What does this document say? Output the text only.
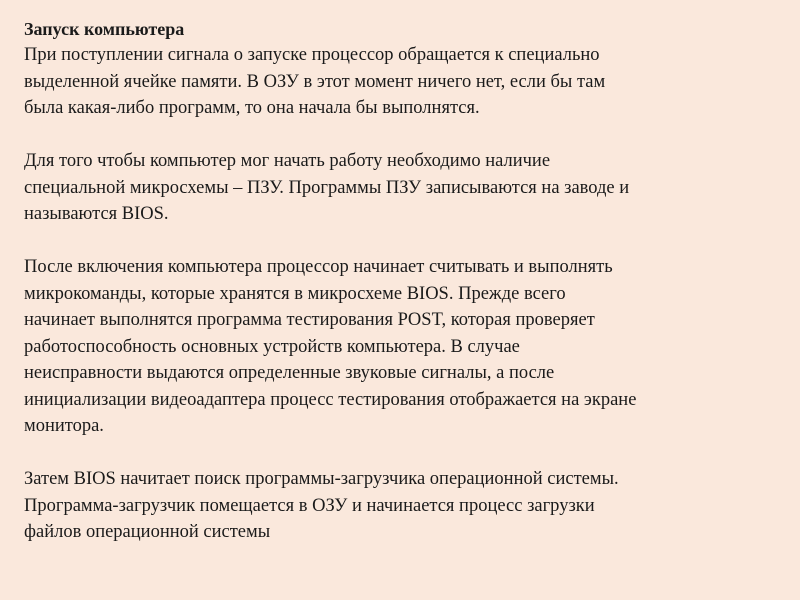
Запуск компьютера

При поступлении сигнала о запуске процессор обращается к специально
выделенной ячейке памяти. В ОЗУ в этот момент ничего нет, если бы там
была какая-либо программ, то она начала бы выполнятся.

Для того чтобы компьютер мог начать работу необходимо наличие
специальной микросхемы – ПЗУ. Программы ПЗУ записываются на заводе и
называются BIOS.

После включения компьютера процессор начинает считывать и выполнять
микрокоманды, которые хранятся в микросхеме BIOS. Прежде всего
начинает выполнятся программа тестирования POST, которая проверяет
работоспособность основных устройств компьютера. В случае
неисправности выдаются определенные звуковые сигналы, а после
инициализации видеоадаптера процесс тестирования отображается на экране
монитора.

Затем BIOS начитает поиск программы-загрузчика операционной системы.
Программа-загрузчик помещается в ОЗУ и начинается процесс загрузки
файлов операционной системы
